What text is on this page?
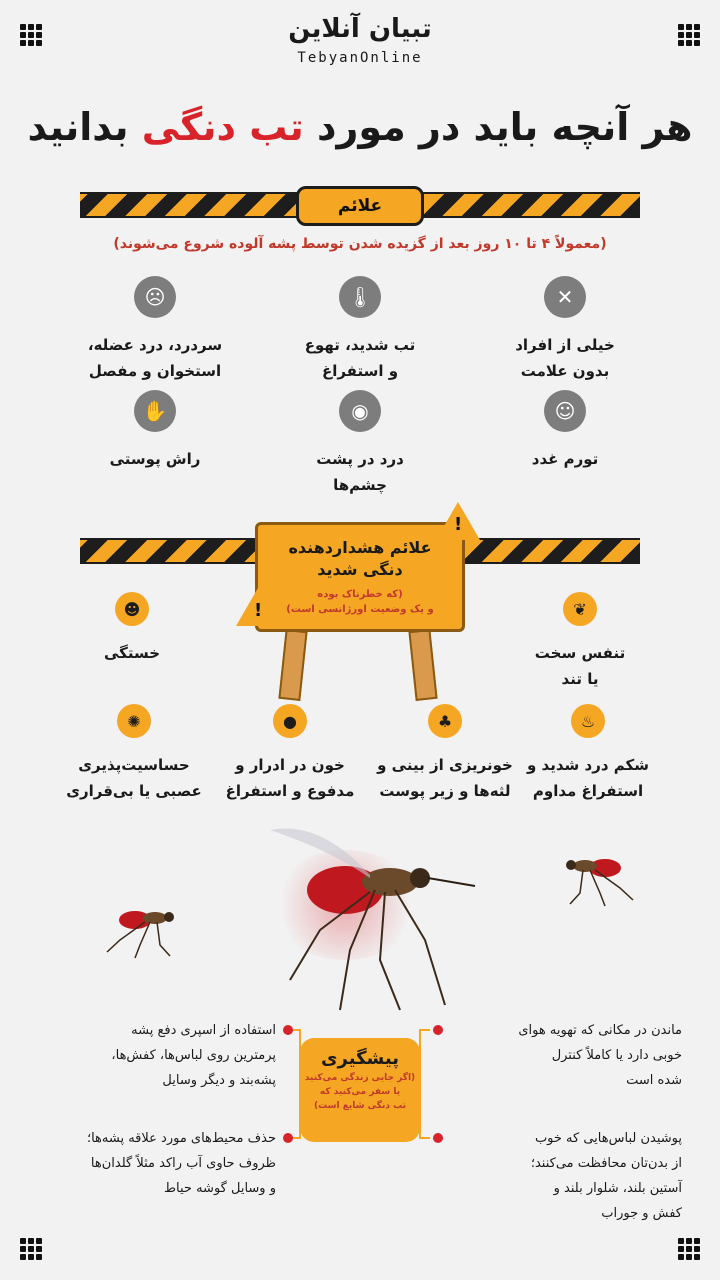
تبیان آنلاین
TebyanOnline
هر آنچه باید در مورد تب دنگی بدانید
علائم
(معمولاً ۴ تا ۱۰ روز بعد از گزیده شدن توسط پشه آلوده شروع می‌شوند)
✕
خیلی از افراد
بدون علامت
🌡
تب شدید، تهوع
و استفراغ
☹
سردرد، درد عضله،
استخوان و مفصل
☺
تورم غدد
◉
درد در پشت
چشم‌ها
✋
راش پوستی
علائم هشداردهنده
دنگی شدید
(که خطرناک بوده
و یک وضعیت اورژانسی است)
!
!	❦
تنفس سخت
یا تند
☻
خستگی
♨
شکم درد شدید و
استفراغ مداوم
♣
خونریزی از بینی و
لثه‌ها و زیر پوست
●
خون در ادرار و
مدفوع و استفراغ
✺
حساسیت‌پذیری
عصبی یا بی‌قراری
پیشگیری
(اگر جایی زندگی می‌کنید
یا سفر می‌کنید که
تب دنگی شایع است)
ماندن در مکانی که تهویه هوای
خوبی دارد یا کاملاً کنترل
شده است
استفاده از اسپری دفع پشه
پرمترین روی لباس‌ها، کفش‌ها،
پشه‌بند و دیگر وسایل
پوشیدن لباس‌هایی که خوب
از بدن‌تان محافظت می‌کنند؛
آستین بلند، شلوار بلند و
کفش و جوراب
حذف محیط‌های مورد علاقه پشه‌ها؛
ظروف حاوی آب راکد مثلاً گلدان‌ها
و وسایل گوشه حیاط
